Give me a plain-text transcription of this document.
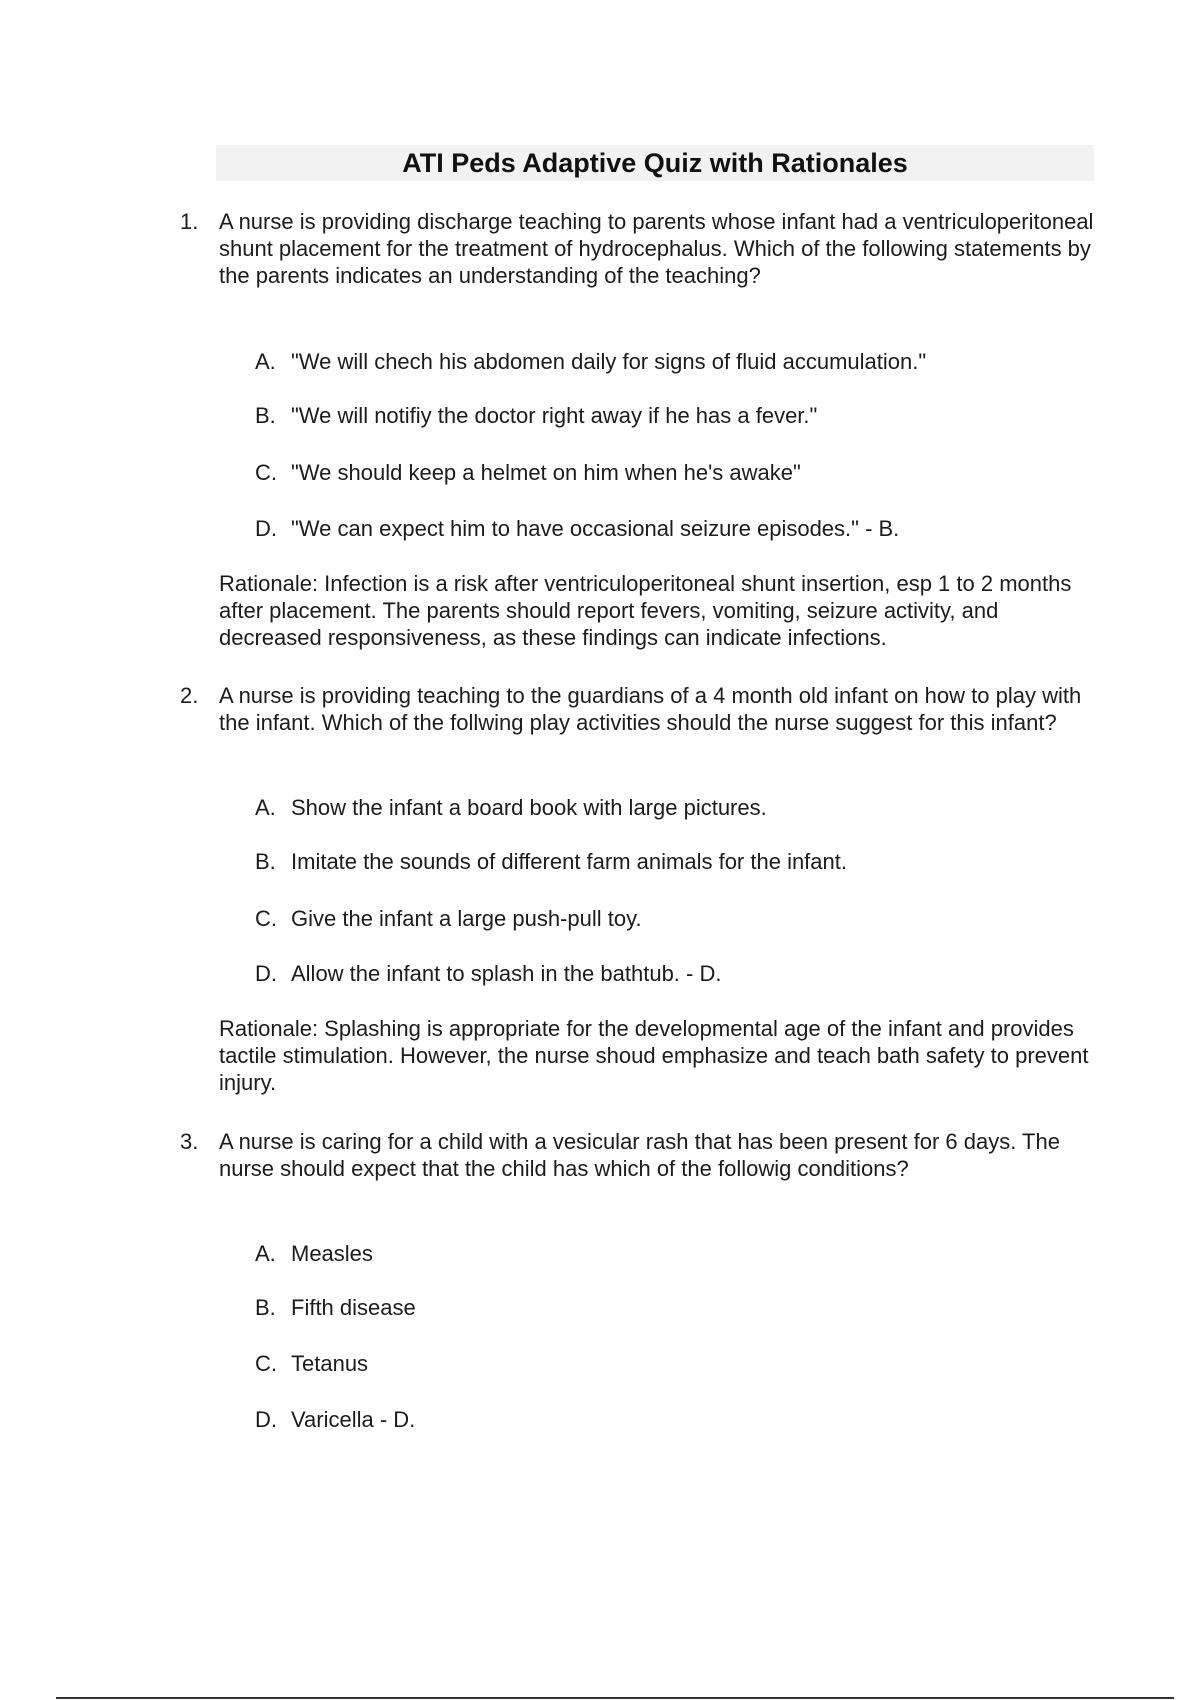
ATI Peds Adaptive Quiz with Rationales
1. A nurse is providing discharge teaching to parents whose infant had a ventriculoperitoneal shunt placement for the treatment of hydrocephalus. Which of the following statements by the parents indicates an understanding of the teaching?
A. "We will chech his abdomen daily for signs of fluid accumulation."
B. "We will notifiy the doctor right away if he has a fever."
C. "We should keep a helmet on him when he's awake"
D. "We can expect him to have occasional seizure episodes." - B.
Rationale: Infection is a risk after ventriculoperitoneal shunt insertion, esp 1 to 2 months after placement. The parents should report fevers, vomiting, seizure activity, and decreased responsiveness, as these findings can indicate infections.
2. A nurse is providing teaching to the guardians of a 4 month old infant on how to play with the infant. Which of the follwing play activities should the nurse suggest for this infant?
A. Show the infant a board book with large pictures.
B. Imitate the sounds of different farm animals for the infant.
C. Give the infant a large push-pull toy.
D. Allow the infant to splash in the bathtub. - D.
Rationale: Splashing is appropriate for the developmental age of the infant and provides tactile stimulation. However, the nurse shoud emphasize and teach bath safety to prevent injury.
3. A nurse is caring for a child with a vesicular rash that has been present for 6 days. The nurse should expect that the child has which of the followig conditions?
A. Measles
B. Fifth disease
C. Tetanus
D. Varicella - D.
